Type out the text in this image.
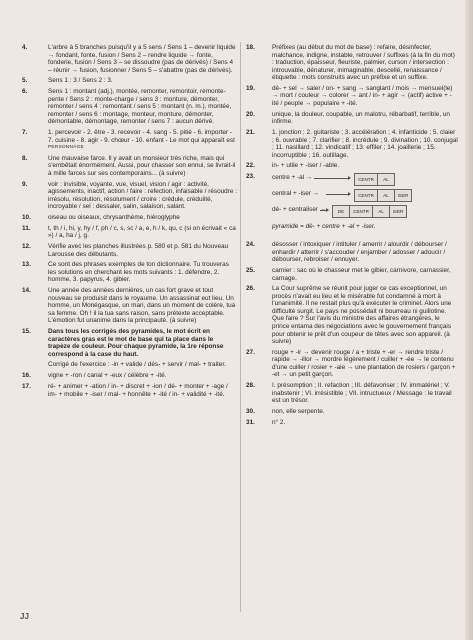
4.	L'arbre à 5 branches puisqu'il y a 5 sens / Sens 1 – devenir liquide → fondant, fonte, fusion / Sens 2 – rendre liquide → fonte, fonderie, fusion / Sens 3 – se dissoudre (pas de dérivés) / Sens 4 – réunir → fusion, fusionner / Sens 5 – s'abattre (pas de dérivés).
5.	Sens 1 : 3 / Sens 2 : 3.
6.	Sens 1 : montant (adj.), montée, remonter, remontoir, remonte-pente / Sens 2 : monte-charge / sens 3 : monture, démonter, remonter / sens 4 : remontant / sens 5 : montant (n. m.), montée, remonter / sens 6 : montage, monteur, monture, démonter, démontable, démontage, remonter / sens 7 : aucun dérivé.
7.	1. percevoir - 2. être - 3. recevoir - 4. sang - 5. pitié - 6. importer - 7. cuisine - 8. agir - 9. chœur - 10. enfant - Le mot qui apparaît est
PERSONNAGE
8.	Une mauvaise farce. Il y avait un monsieur très riche, mais qui s'embêtait énormément. Aussi, pour chasser son ennui, se livrait-il à mille farces sur ses contemporains... (à suivre)
9.	voir : invisible, voyante, vue, visuel, vision / agir : activité, agissements, inactif, action / faire : refection, infaisable / résoudre : irrésolu, résolution, résolument / croire : crédule, crédulité, incroyable / sel : dessaler, salin, salaison, salant.
10.	oiseau ou oiseaux, chrysanthème, hiéroglyphe
11.	t, th / i, hi, y, hy / f, ph / c, s, sc / a, e, h / k, qu, c (si on écrivait « ca ») / a, ha / j, g.
12.	Vérifie avec les planches illustrées p. 580 et p. 581 du Nouveau Larousse des débutants.
13.	Ce sont des phrases exemples de ton dictionnaire. Tu trouveras les solutions en cherchant les mots suivants : 1. défendre, 2. homme, 3. papyrus, 4. gibier.
14.	Une année des années dernières, un cas fort grave et tout nouveau se produisit dans le royaume. Un assassinat eut lieu. Un homme, un Monégasque, un mari, dans un moment de colère, tua sa femme. Oh ! il la tua sans raison, sans prétexte acceptable. L'émotion fut unanime dans la principauté. (à suivre)
15.	Dans tous les corrigés des pyramides, le mot écrit en caractères gras est le mot de base qui ta place dans le trapèze de couleur. Pour chaque pyramide, la 1re réponse correspond à la case du haut.
Corrigé de l'exercice : -in + valide / dés- + servir / mal- + traiter.
16.	vigne + -ron / canal + -eux / célèbre + -ité.
17.	ré- + animer + -ation / in- + discret + -ion / dé- + monter + -age / im- + mobile + -iser / mal- + honnête + -ité / in- + validité + -ité.
18.	Préfixes (au début du mot de base) : refaire, désinfecter, malchance, indigne, instable, retrouver / suffixes (à la fin du mot) : traduction, épaisseur, fleuriste, palmier, curson / intersection : introuvable, dénaturer, inimaginable, descellé, renaissance / étiquette : mots construits avec un préfixe et un suffixe.
19.	dé- + sel → saler / on- + sang → sanglant / mois → mensuel(le) → mort / couleur → colorer → ant / in- + agir → (actif) active + -ité / peuple → populaire + -ité.
20.	unique, la douleur, coupable, un malotru, rébarbatif, terrible, un infirme.
21.	1. jonction ; 2. guitariste ; 3. accélération ; 4. infanticide ; 5. claier ; 6. ouvrable ; 7. clarifier ; 8. incrédule ; 9. divination ; 10. conjugal ; 11. nasillard ; 12. vindicatif ; 13. effiler ; 14. joaillerie ; 15. incorruptible ; 16. outillage.
22.	in- + utile + -iser / -able.
23.	centre + -al →	CENTR	AL
central + -iser →	CENTR	AL	ISER
dé- + centraliser →	DE	CENTR	AL	ISER
pyramide = dé- + centre + -al + -iser.
24.	désosser / intoxiquer / intituler / amerrir / alourdir / débourser / enhardir / atterrir / s'accouder / enjamber / adosser / adoucir / débourser, rebroiser / ennuyer.
25.	carnier : sac où le chasseur met le gibier, carnivore, carnassier, carnage.
26.	La Cour suprême se réunit pour juger ce cas exceptionnel, un procès n'avait eu lieu et le misérable fut condamné à mort à l'unanimité. Il ne restait plus qu'à exécuter le criminel. Alors une difficulté surgit. Le pays ne possédait ni bourreau ni guillotine. Que faire ? Sur l'avis du ministre des affaires étrangères, le prince entama des négociations avec le gouvernement français pour obtenir le prêt d'un coupeur de têtes avec son appareil. (à suivre)
27.	rouge + -ir → devenir rouge / a + triste + -er → rendre triste / rapide → -illor → mordre légèrement / cuiller + -ée → le contenu d'une cuiller / rosier + -aie → une plantation de rosiers / garçon + -et → un petit garçon.
28.	I. présomption ; II. refaction ; III. défavoriser ; IV. immatériel ; V. inabstenir ; VI. irrésistible ; VII. intructueux / Message : le travail est un trésor.
30.	non, elle serpente.
31.	n° 2.
JJ
